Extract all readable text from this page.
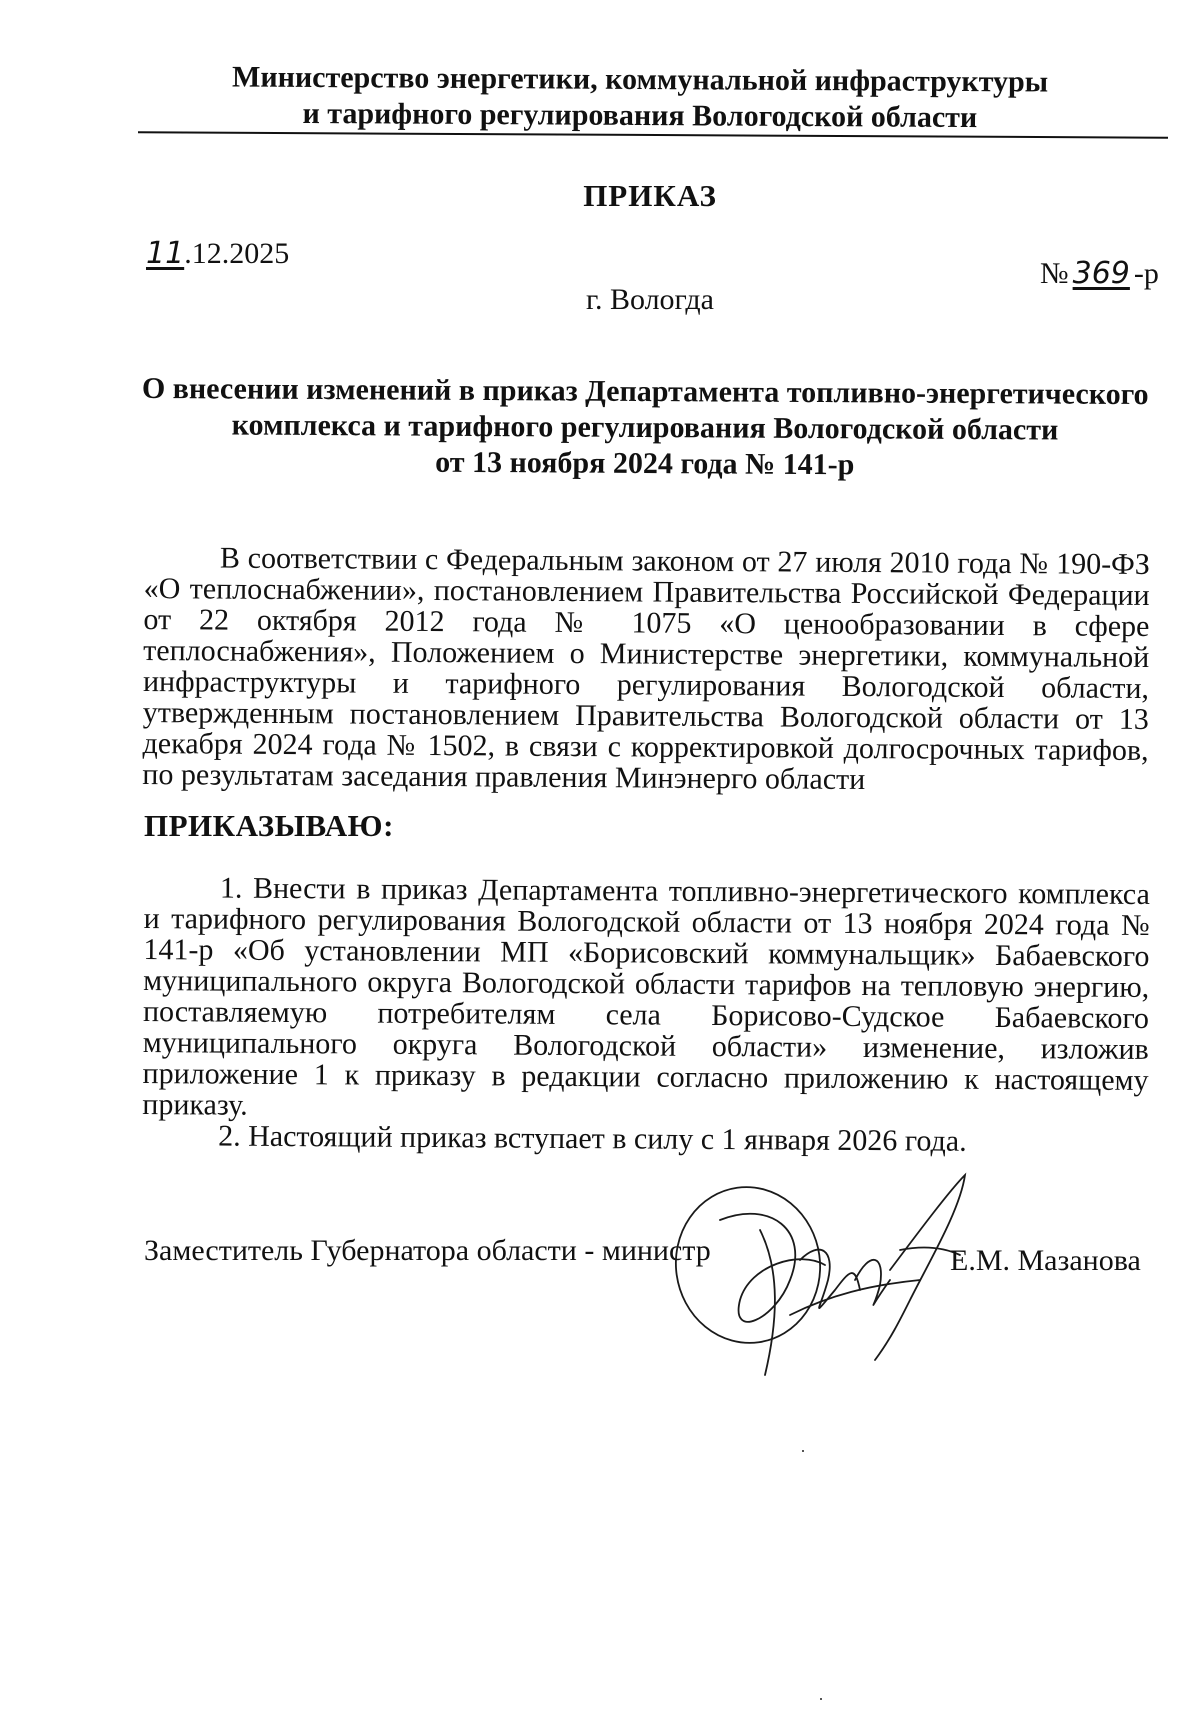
Министерство энергетики, коммунальной инфраструктуры
и тарифного регулирования Вологодской области
ПРИКАЗ
11.12.2025
№ 369 -р
г. Вологда
О внесении изменений в приказ Департамента топливно-энергетического
комплекса и тарифного регулирования Вологодской области
от 13 ноября 2024 года № 141-р

В соответствии с Федеральным законом от 27 июля 2010 года № 190-ФЗ «О теплоснабжении», постановлением Правительства Российской Федерации от 22 октября 2012 года № 1075 «О ценообразовании в сфере теплоснабжения», Положением о Министерстве энергетики, коммунальной инфраструктуры и тарифного регулирования Вологодской области, утвержденным постановлением Правительства Вологодской области от 13 декабря 2024 года № 1502, в связи с корректировкой долгосрочных тарифов, по результатам заседания правления Минэнерго области

ПРИКАЗЫВАЮ:

1. Внести в приказ Департамента топливно-энергетического комплекса и тарифного регулирования Вологодской области от 13 ноября 2024 года № 141-р «Об установлении МП «Борисовский коммунальщик» Бабаевского муниципального округа Вологодской области тарифов на тепловую энергию, поставляемую потребителям села Борисово-Судское Бабаевского муниципального округа Вологодской области» изменение, изложив приложение 1 к приказу в редакции согласно приложению к настоящему приказу.

2. Настоящий приказ вступает в силу с 1 января 2026 года.

Заместитель Губернатора области - министр	Е.М. Мазанова
